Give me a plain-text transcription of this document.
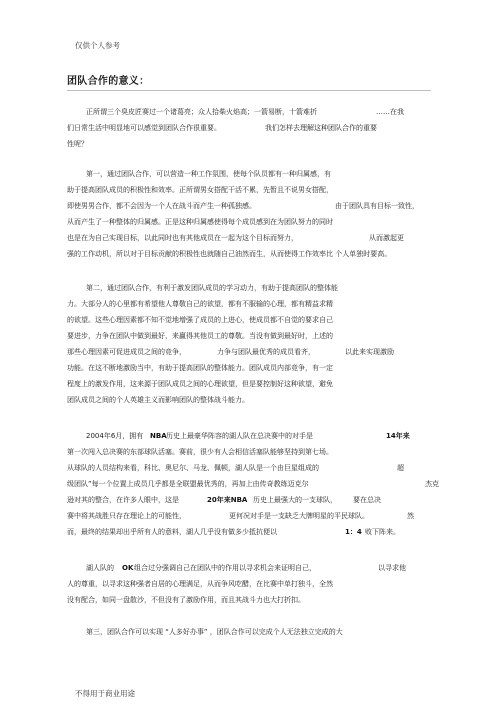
仅供个人参考
团队合作的意义：
正所谓三个臭皮匠赛过一个诸葛亮；众人拾柴火焰高；一箭易断，十箭难折	……在我
们日常生活中明显地可以感觉到团队合作很重要。	我们怎样去理解这种团队合作的重要
性呢？
第一，通过团队合作，可以营造一种工作氛围，使每个队员都有一种归属感，有
助于提高团队成员的积极性和效率。正所谓男女搭配干活不累，先暂且不说男女搭配，
即使男男合作，都不会因为一个人在战斗而产生一种孤独感。	由于团队具有目标一致性，
从而产生了一种整体的归属感。正是这种归属感使得每个成员感到在为团队努力的同时
也是在为自己实现目标，以此同时也有其他成员在一起为这个目标而努力，	从而激起更
强的工作动机，所以对于目标贡献的积极性也就随自己油然而生，从而使得工作效率比 个人单独时要高。
第二，通过团队合作，有利于激发团队成员的学习动力，有助于提高团队的整体能
力。大部分人的心里都有希望他人尊敬自己的欲望，都有不服输的心理，都有精益求精
的欲望。这些心理因素都不知不觉地增强了成员的上进心，使成员都不自觉的要求自己
要进步，力争在团队中做到最好，来赢得其他员工的尊敬。当没有做到最好时，上述的
那些心理因素可促进成员之间的竞争，	力争与团队最优秀的成员看齐，	以此来实现激励
功能。在这不断地激励当中，有助于提高团队的整体能力。团队成员内部竞争，有一定
程度上的激发作用，这来源于团队成员之间的心理欲望，但是要控制好这种欲望，避免
团队成员之间的个人英雄主义而影响团队的整体战斗能力。
2004年6月，拥有 NBA 历史上最豪华阵容的湖人队在总决赛中的对手是	14年来
第一次闯入总决赛的东部球队活塞。赛前，很少有人会相信活塞队能够坚持到第七场。
从球队的人员结构来看，科比、奥尼尔、马龙、佩顿，湖人队是一个由巨星组成的	超
级团队”每一个位置上成员几乎都是全联盟最优秀的，再加上由传奇教练迈克尔	杰克
逊对其的整合，在许多人眼中，这是	20年来NBA 历史上最强大的一支球队， 要在总决
赛中将其战胜只存在理论上的可能性，	更何况对手是一支缺乏大牌明星的平民球队。	然
而，最终的结果却出乎所有人的意料，湖人几乎没有做多少抵抗便以	1：4 败下阵来。
湖人队的 OK 组合过分强调自己在团队中的作用以寻求机会来证明自己，	以寻求他
人的尊重，以寻求这种强者自居的心理满足，从而争风吃醋，在比赛中单打独斗，全然
没有配合，如同一盘散沙，不但没有了激励作用，而且其战斗力也大打折扣。
第三，团队合作可以实现 “人多好办事” ，团队合作可以完成个人无法独立完成的大
不得用于商业用途
